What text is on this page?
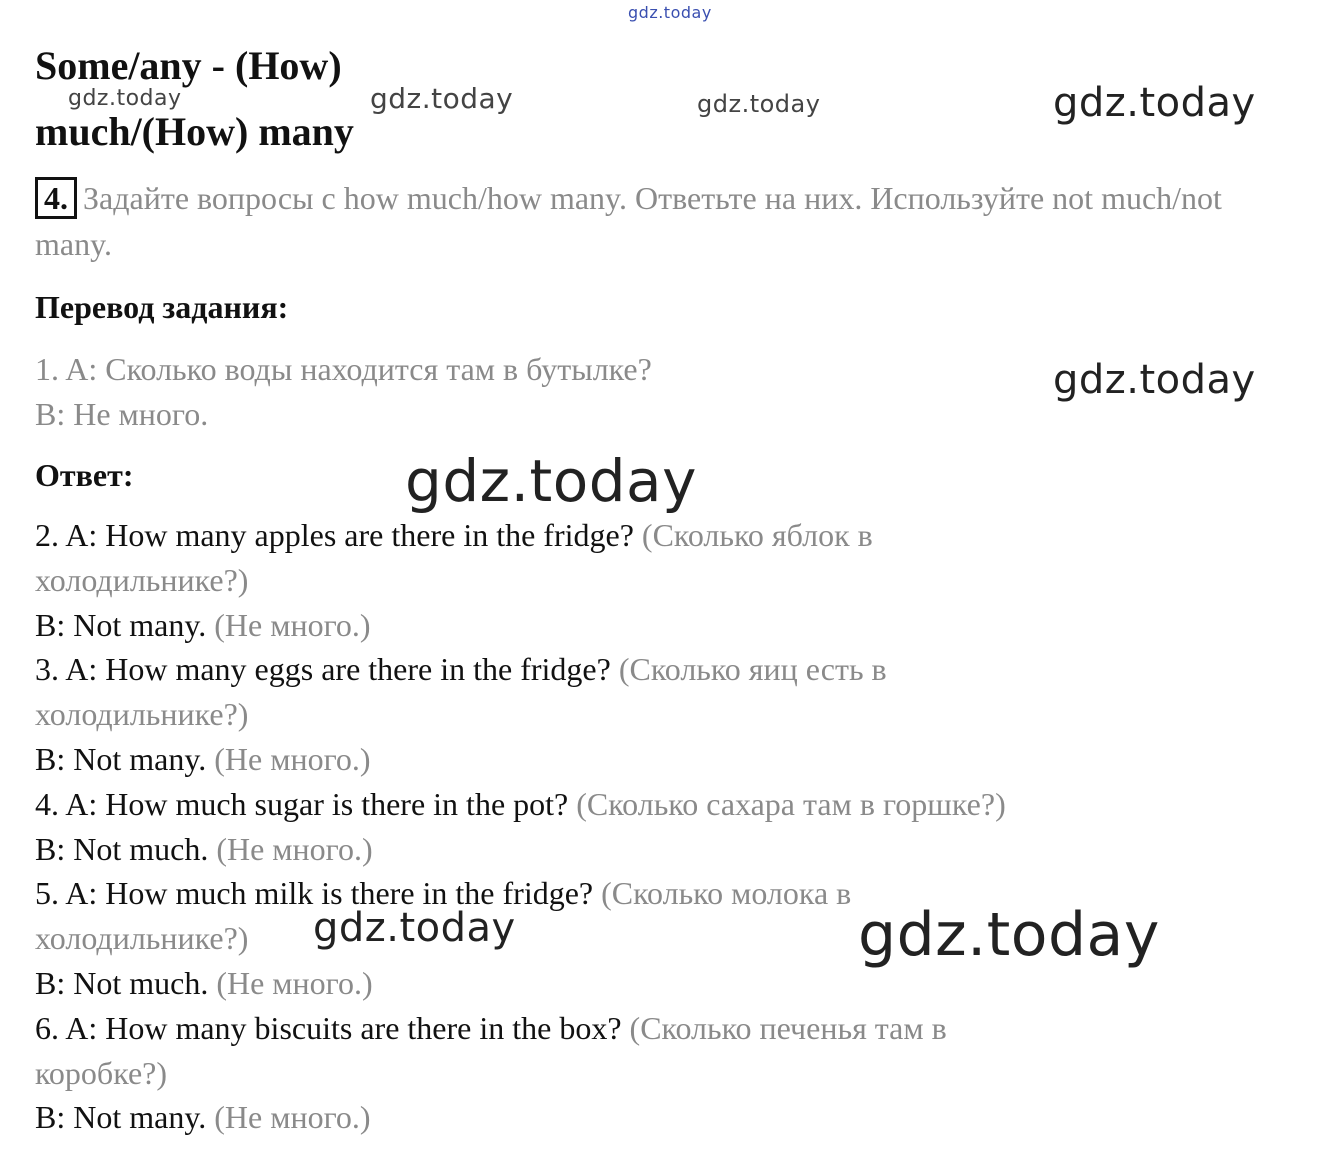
gdz.today
Some/any - (How)
much/(How) many
4. Задайте вопросы с how much/how many. Ответьте на них. Используйте not much/not many.
Перевод задания:
1. A: Сколько воды находится там в бутылке?
B: Не много.
Ответ:
2. A: How many apples are there in the fridge? (Сколько яблок в
холодильнике?)
B: Not many. (Не много.)
3. A: How many eggs are there in the fridge? (Сколько яиц есть в
холодильнике?)
B: Not many. (Не много.)
4. A: How much sugar is there in the pot? (Сколько сахара там в горшке?)
B: Not much. (Не много.)
5. A: How much milk is there in the fridge? (Сколько молока в
холодильнике?)
B: Not much. (Не много.)
6. A: How many biscuits are there in the box? (Сколько печенья там в
коробке?)
B: Not many. (Не много.)
gdz.today	gdz.today	gdz.today	gdz.today
gdz.today
gdz.today
gdz.today	gdz.today
